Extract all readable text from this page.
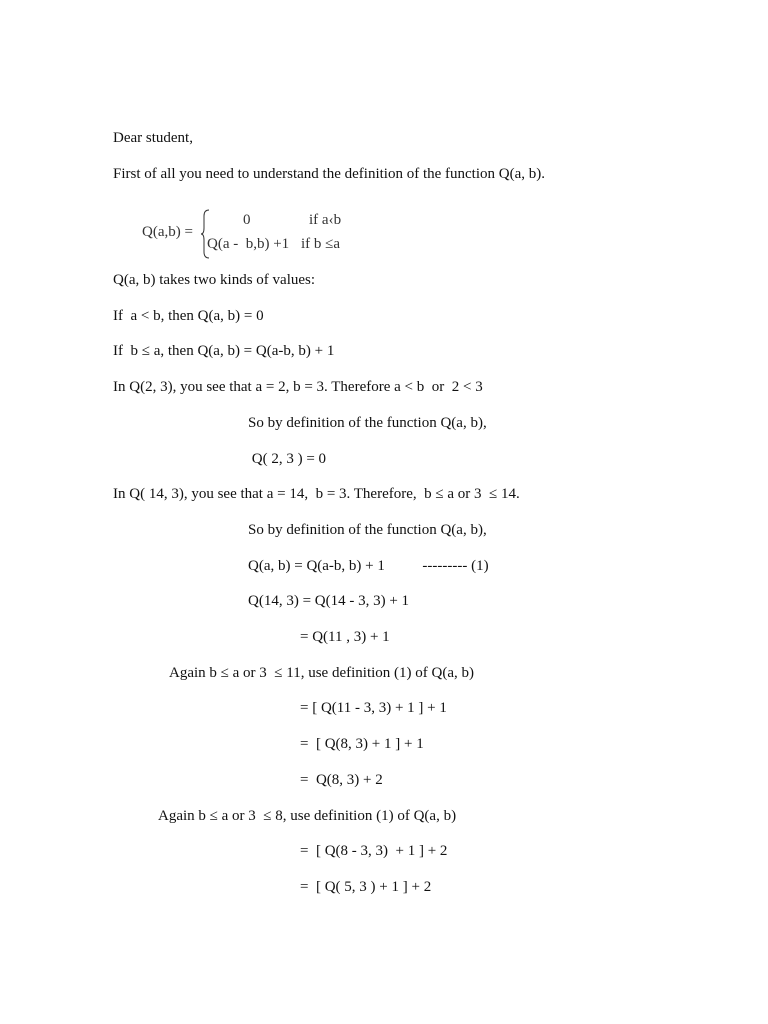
Dear student,

First of all you need to understand the definition of the function Q(a, b).

Q(a,b) =
0	if a‹b
Q(a -  b,b) +1 if b ≤a

Q(a, b) takes two kinds of values:

If  a < b, then Q(a, b) = 0

If  b ≤ a, then Q(a, b) = Q(a-b, b) + 1

In Q(2, 3), you see that a = 2, b = 3. Therefore a < b  or  2 < 3

So by definition of the function Q(a, b),

Q( 2, 3 ) = 0

In Q( 14, 3), you see that a = 14,  b = 3. Therefore,  b ≤ a or 3  ≤ 14.

So by definition of the function Q(a, b),

Q(a, b) = Q(a-b, b) + 1          --------- (1)

Q(14, 3) = Q(14 - 3, 3) + 1

= Q(11 , 3) + 1

Again b ≤ a or 3  ≤ 11, use definition (1) of Q(a, b)

= [ Q(11 - 3, 3) + 1 ] + 1

=  [ Q(8, 3) + 1 ] + 1

=  Q(8, 3) + 2

Again b ≤ a or 3  ≤ 8, use definition (1) of Q(a, b)

=  [ Q(8 - 3, 3)  + 1 ] + 2

=  [ Q( 5, 3 ) + 1 ] + 2
